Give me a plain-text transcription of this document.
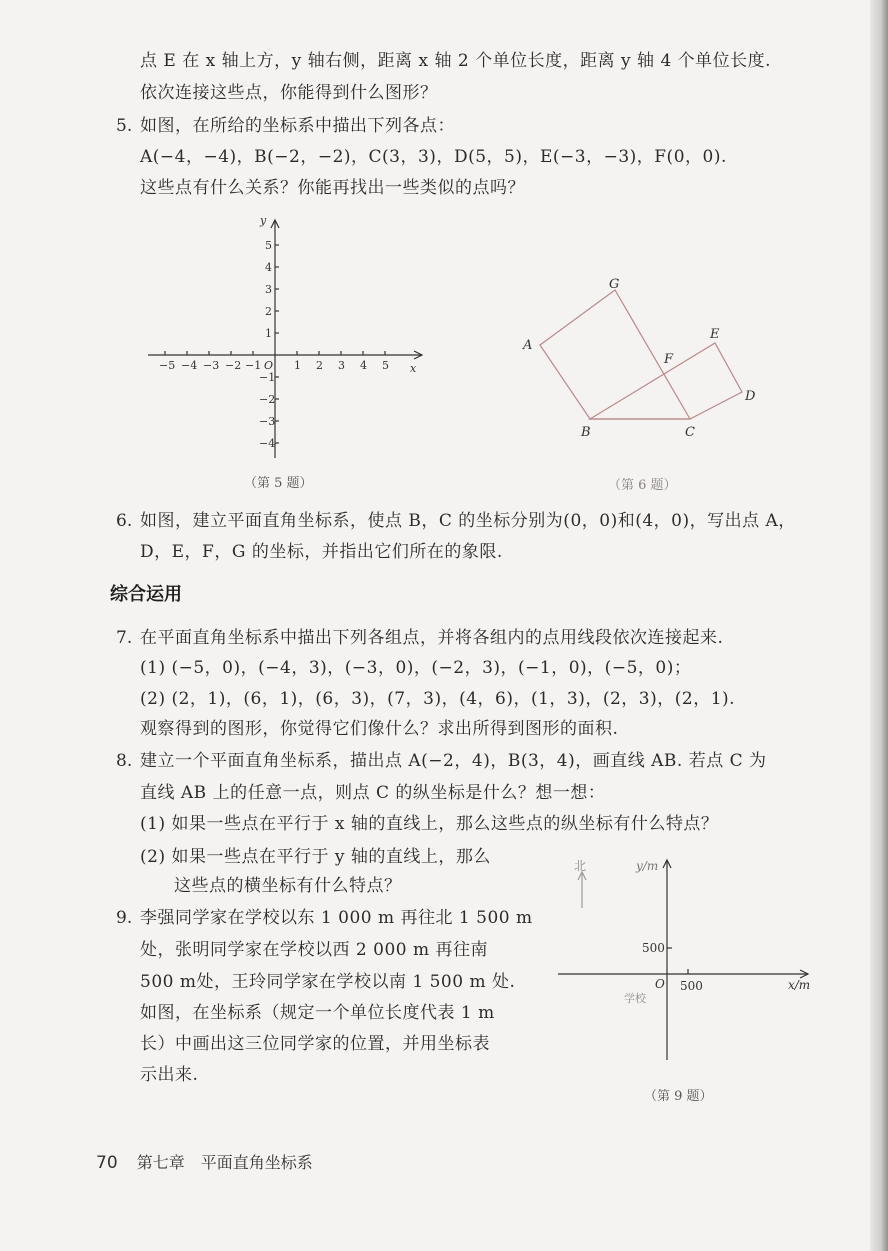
点 E 在 x 轴上方，y 轴右侧，距离 x 轴 2 个单位长度，距离 y 轴 4 个单位长度.
依次连接这些点，你能得到什么图形？
5. 如图，在所给的坐标系中描出下列各点：
A(−4，−4)，B(−2，−2)，C(3，3)，D(5，5)，E(−3，−3)，F(0，0).
这些点有什么关系？你能再找出一些类似的点吗？
y
x
O
−5 −4 −3 −2 −1	1 2 3 4 5
5
4
3
2
1
−1
−2
−3
−4
（第 5 题）
G
A
E
F
D
B	C
（第 6 题）
6. 如图，建立平面直角坐标系，使点 B，C 的坐标分别为(0，0)和(4，0)，写出点 A，
D，E，F，G 的坐标，并指出它们所在的象限.
综合运用
7. 在平面直角坐标系中描出下列各组点，并将各组内的点用线段依次连接起来.
(1) (−5，0)，(−4，3)，(−3，0)，(−2，3)，(−1，0)，(−5，0)；
(2) (2，1)，(6，1)，(6，3)，(7，3)，(4，6)，(1，3)，(2，3)，(2，1).
观察得到的图形，你觉得它们像什么？求出所得到图形的面积.
8. 建立一个平面直角坐标系，描出点 A(−2，4)，B(3，4)，画直线 AB. 若点 C 为
直线 AB 上的任意一点，则点 C 的纵坐标是什么？想一想：
(1) 如果一些点在平行于 x 轴的直线上，那么这些点的纵坐标有什么特点？
(2) 如果一些点在平行于 y 轴的直线上，那么
这些点的横坐标有什么特点？
9. 李强同学家在学校以东 1 000 m 再往北 1 500 m
处，张明同学家在学校以西 2 000 m 再往南
500 m处，王玲同学家在学校以南 1 500 m 处.
如图，在坐标系（规定一个单位长度代表 1 m
长）中画出这三位同学家的位置，并用坐标表
示出来.
北	y/m
x/m
O 500
500
学校
（第 9 题）
70 第七章　平面直角坐标系
